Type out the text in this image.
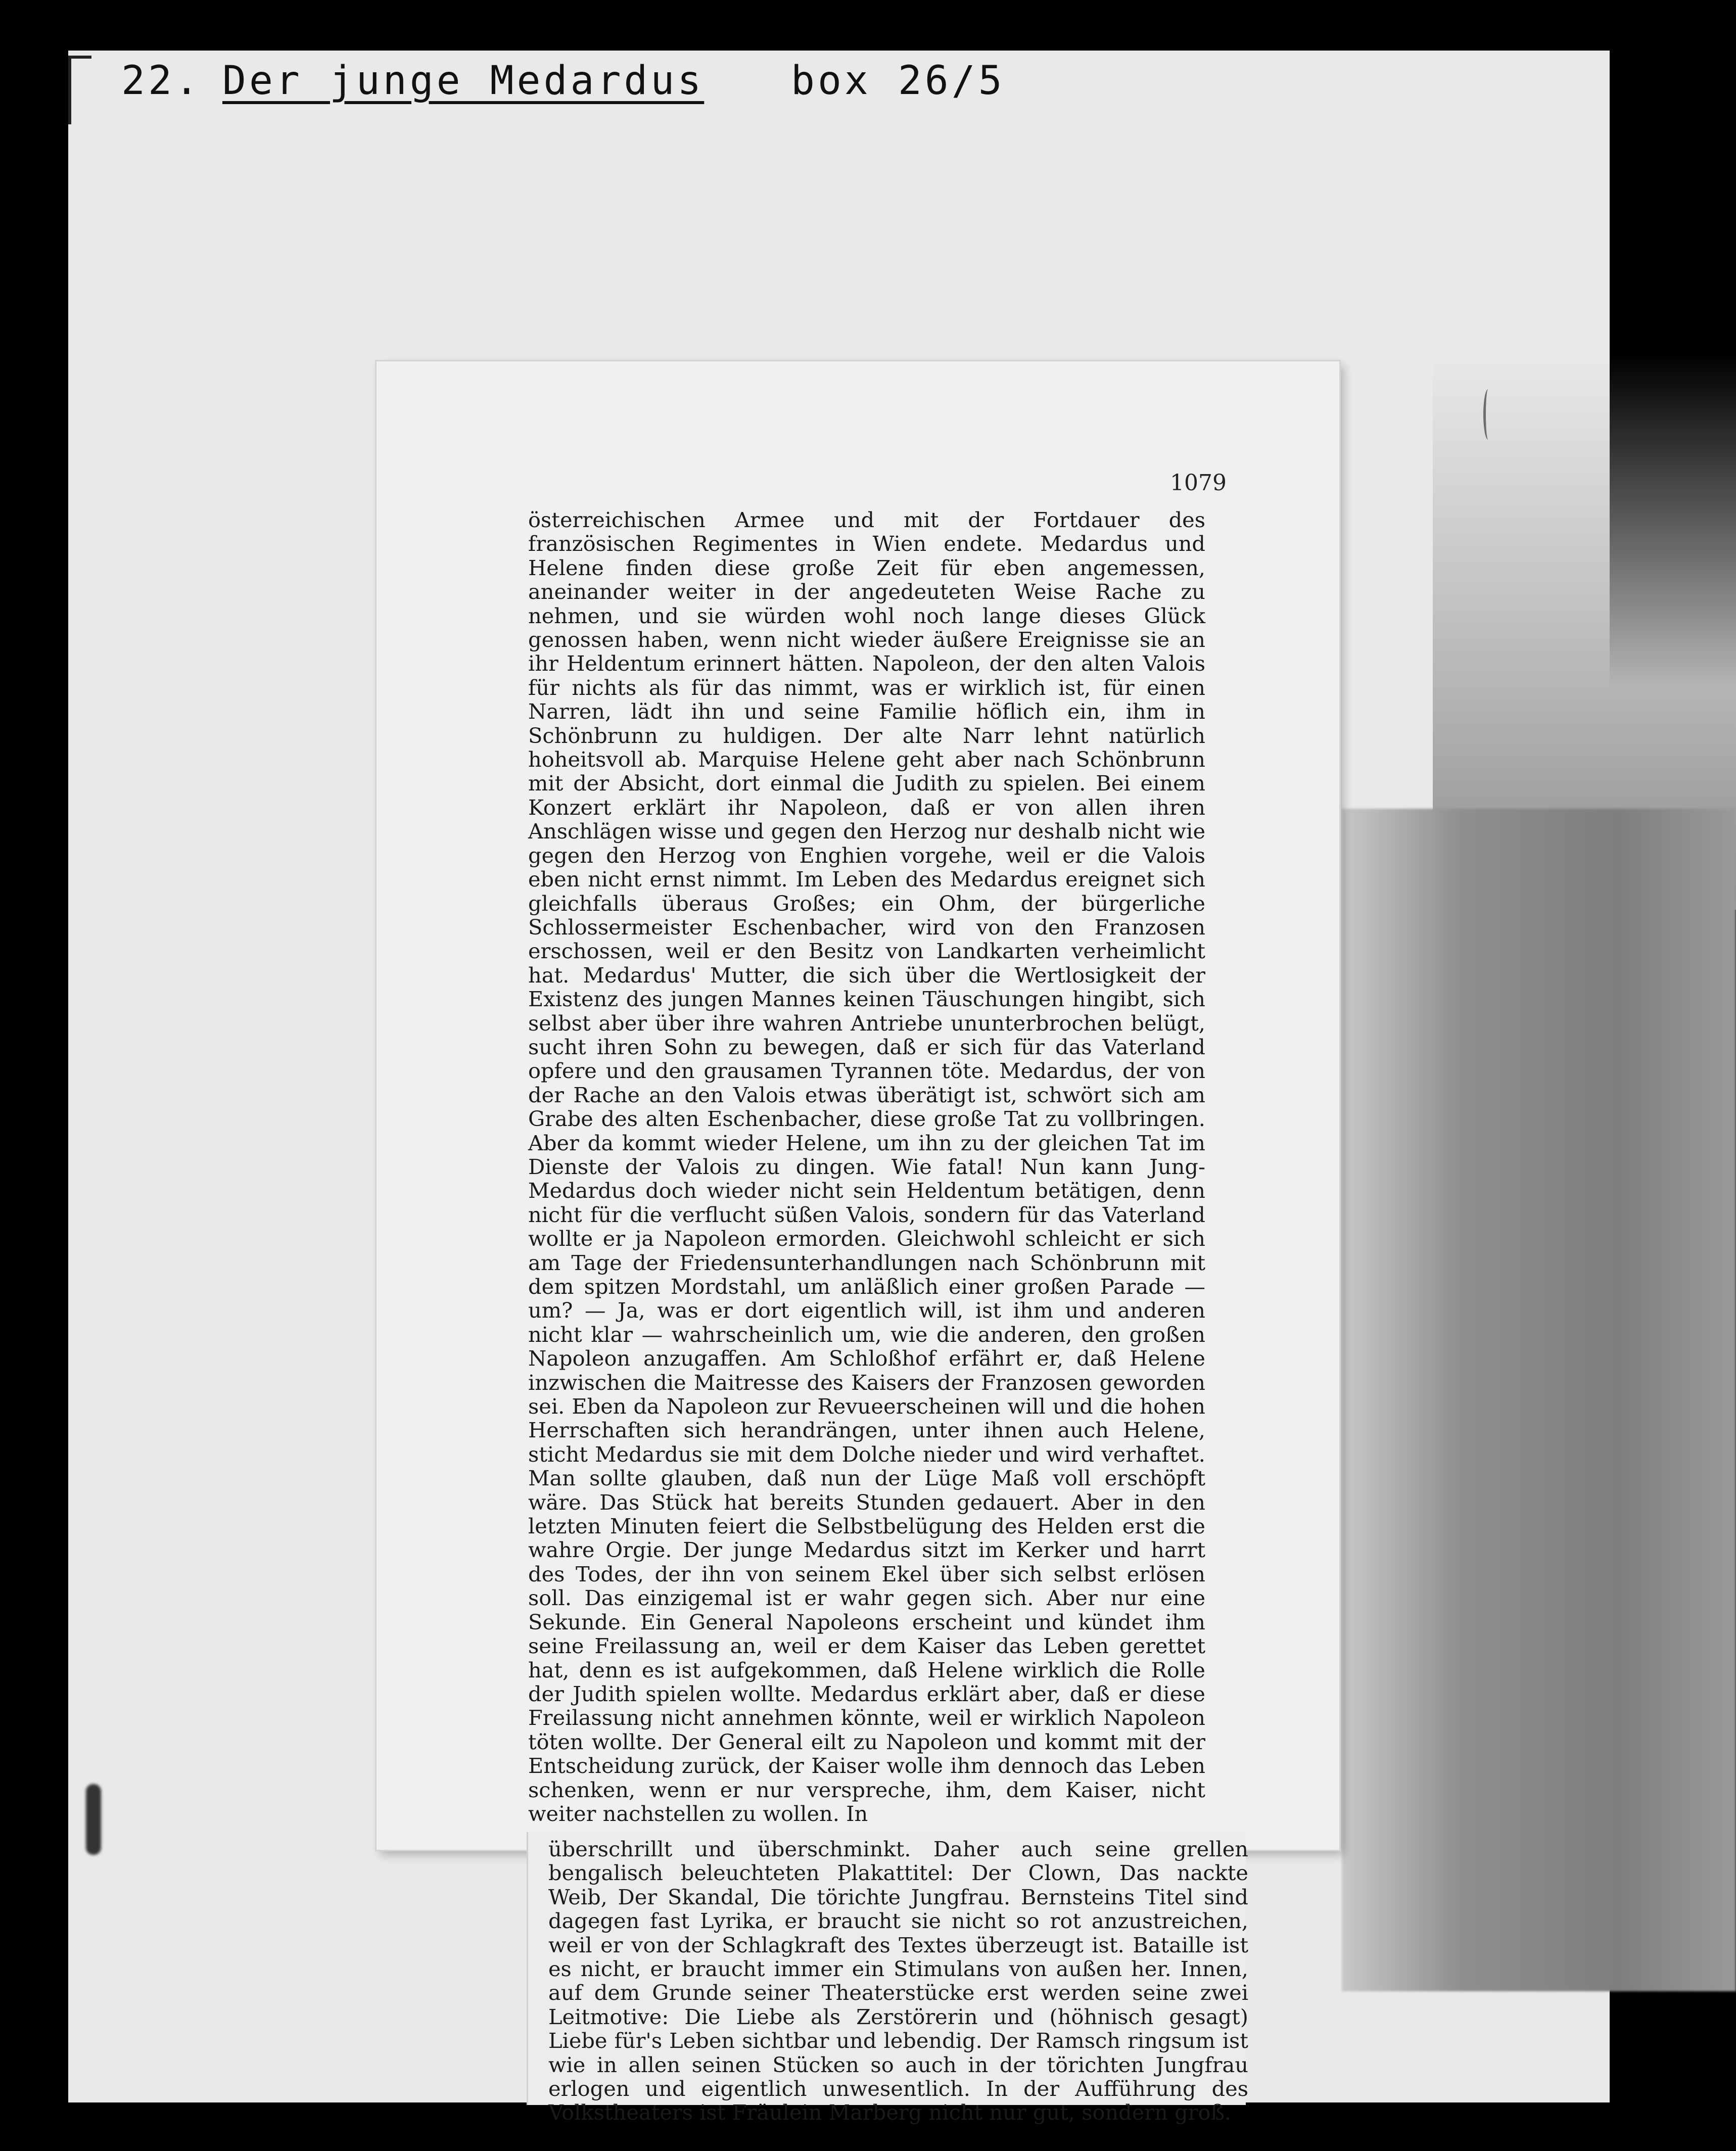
22. Der junge Medardus box 26/5
1079
österreichischen Armee und mit der Fortdauer des französischen Regimentes in Wien endete. Medardus und Helene finden diese große Zeit für eben angemessen, aneinander weiter in der angedeuteten Weise Rache zu nehmen, und sie würden wohl noch lange dieses Glück genossen haben, wenn nicht wieder äußere Ereignisse sie an ihr Heldentum erinnert hätten. Napoleon, der den alten Valois für nichts als für das nimmt, was er wirklich ist, für einen Narren, lädt ihn und seine Familie höflich ein, ihm in Schönbrunn zu huldigen. Der alte Narr lehnt natürlich hoheitsvoll ab. Marquise Helene geht aber nach Schönbrunn mit der Absicht, dort einmal die Judith zu spielen. Bei einem Konzert erklärt ihr Napoleon, daß er von allen ihren Anschlägen wisse und gegen den Herzog nur deshalb nicht wie gegen den Herzog von Enghien vorgehe, weil er die Valois eben nicht ernst nimmt. Im Leben des Medardus ereignet sich gleichfalls überaus Großes; ein Ohm, der bürgerliche Schlossermeister Eschenbacher, wird von den Franzosen erschossen, weil er den Besitz von Landkarten verheimlicht hat. Medardus' Mutter, die sich über die Wertlosigkeit der Existenz des jungen Mannes keinen Täuschungen hingibt, sich selbst aber über ihre wahren Antriebe ununterbrochen belügt, sucht ihren Sohn zu bewegen, daß er sich für das Vaterland opfere und den grausamen Tyrannen töte. Medardus, der von der Rache an den Valois etwas überätigt ist, schwört sich am Grabe des alten Eschenbacher, diese große Tat zu vollbringen. Aber da kommt wieder Helene, um ihn zu der gleichen Tat im Dienste der Valois zu dingen. Wie fatal! Nun kann Jung-Medardus doch wieder nicht sein Heldentum betätigen, denn nicht für die verflucht süßen Valois, sondern für das Vaterland wollte er ja Napoleon ermorden. Gleichwohl schleicht er sich am Tage der Friedensunterhandlungen nach Schönbrunn mit dem spitzen Mordstahl, um anläßlich einer großen Parade — um? — Ja, was er dort eigentlich will, ist ihm und anderen nicht klar — wahrscheinlich um, wie die anderen, den großen Napoleon anzugaffen. Am Schloßhof erfährt er, daß Helene inzwischen die Maitresse des Kaisers der Franzosen geworden sei. Eben da Napoleon zur Revueerscheinen will und die hohen Herrschaften sich herandrängen, unter ihnen auch Helene, sticht Medardus sie mit dem Dolche nieder und wird verhaftet. Man sollte glauben, daß nun der Lüge Maß voll erschöpft wäre. Das Stück hat bereits Stunden gedauert. Aber in den letzten Minuten feiert die Selbstbelügung des Helden erst die wahre Orgie. Der junge Medardus sitzt im Kerker und harrt des Todes, der ihn von seinem Ekel über sich selbst erlösen soll. Das einzigemal ist er wahr gegen sich. Aber nur eine Sekunde. Ein General Napoleons erscheint und kündet ihm seine Freilassung an, weil er dem Kaiser das Leben gerettet hat, denn es ist aufgekommen, daß Helene wirklich die Rolle der Judith spielen wollte. Medardus erklärt aber, daß er diese Freilassung nicht annehmen könnte, weil er wirklich Napoleon töten wollte. Der General eilt zu Napoleon und kommt mit der Entscheidung zurück, der Kaiser wolle ihm dennoch das Leben schenken, wenn er nur verspreche, ihm, dem Kaiser, nicht weiter nachstellen zu wollen. In
überschrillt und überschminkt. Daher auch seine grellen bengalisch beleuchteten Plakattitel: Der Clown, Das nackte Weib, Der Skandal, Die törichte Jungfrau. Bernsteins Titel sind dagegen fast Lyrika, er braucht sie nicht so rot anzustreichen, weil er von der Schlagkraft des Textes überzeugt ist. Bataille ist es nicht, er braucht immer ein Stimulans von außen her. Innen, auf dem Grunde seiner Theaterstücke erst werden seine zwei Leitmotive: Die Liebe als Zerstörerin und (höhnisch gesagt) Liebe für's Leben sichtbar und lebendig. Der Ramsch ringsum ist wie in allen seinen Stücken so auch in der törichten Jungfrau erlogen und eigentlich unwesentlich. In der Aufführung des Volkstheaters ist Fräulein Marberg nicht nur gut, sondern groß.
